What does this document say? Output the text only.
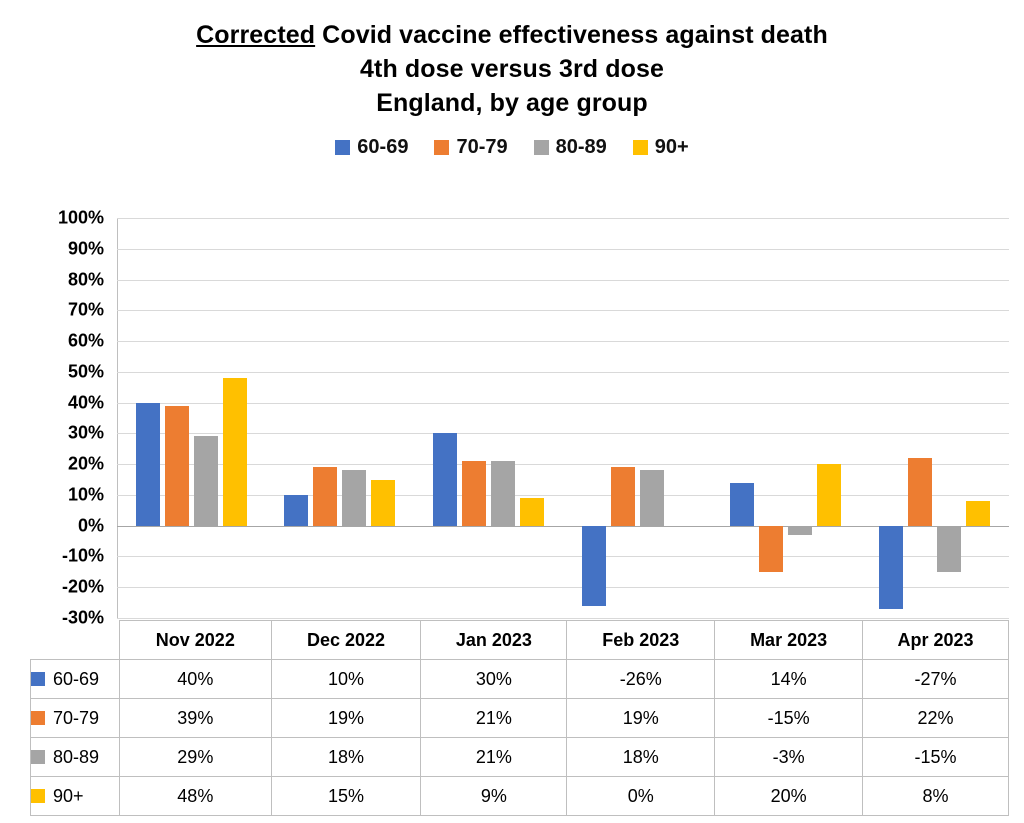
Corrected Covid vaccine effectiveness against death
4th dose versus 3rd dose
England, by age group
60-69 70-79 80-89 90+
100%
90%
80%
70%
60%
50%
40%
30%
20%
10%
0%
-10%
-20%
-30%
	Nov 2022	Dec 2022	Jan 2023	Feb 2023	Mar 2023	Apr 2023

60-69	40%	10%	30%	-26%	14%	-27%

70-79	39%	19%	21%	19%	-15%	22%

80-89	29%	18%	21%	18%	-3%	-15%

90+	48%	15%	9%	0%	20%	8%
